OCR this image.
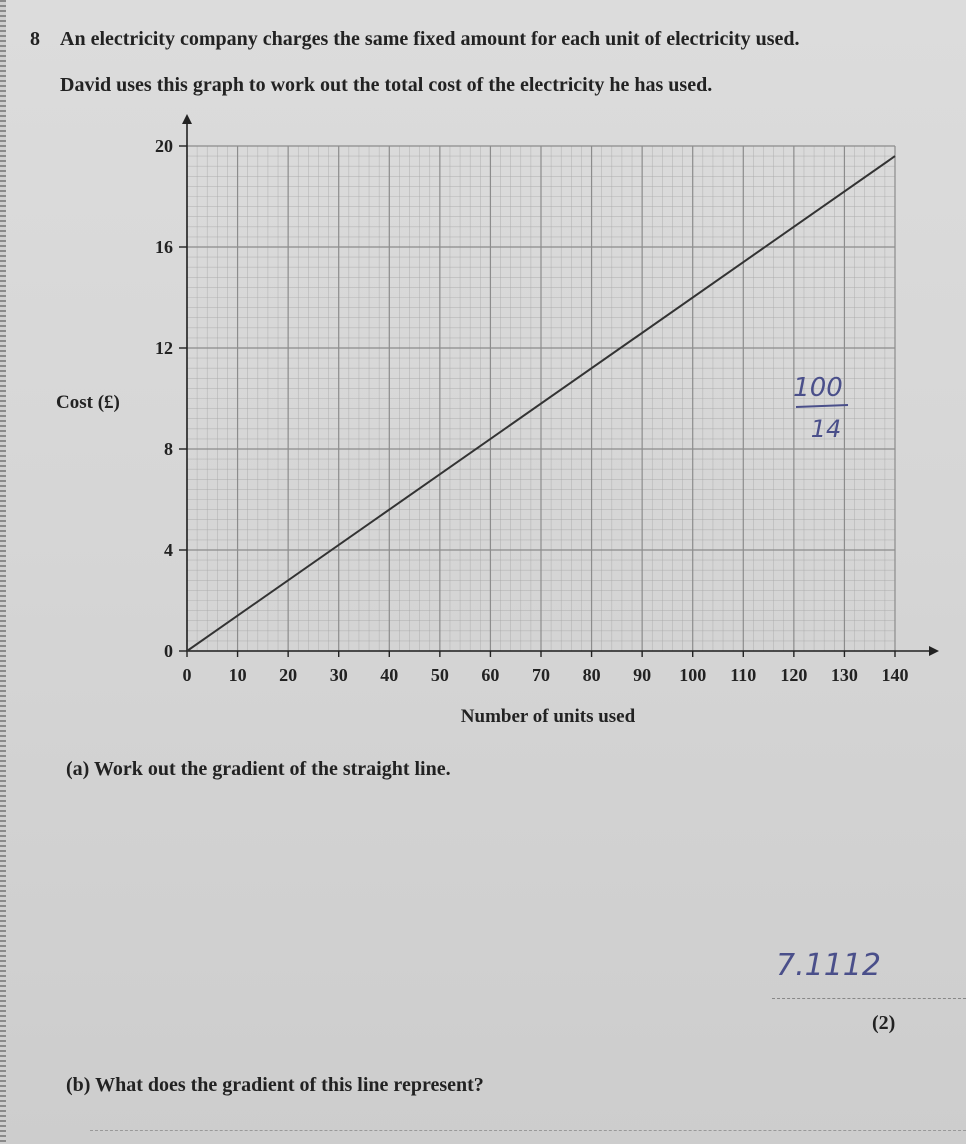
8 An electricity company charges the same fixed amount for each unit of electricity used.
David uses this graph to work out the total cost of the electricity he has used.
0 10 20 30 40 50 60 70 80 90 100 110 120 130 140
0
4
8
12
16
20
Number of units used
Cost (£)	100
14
(a) Work out the gradient of the straight line.
7.1112
(2)
(b) What does the gradient of this line represent?
